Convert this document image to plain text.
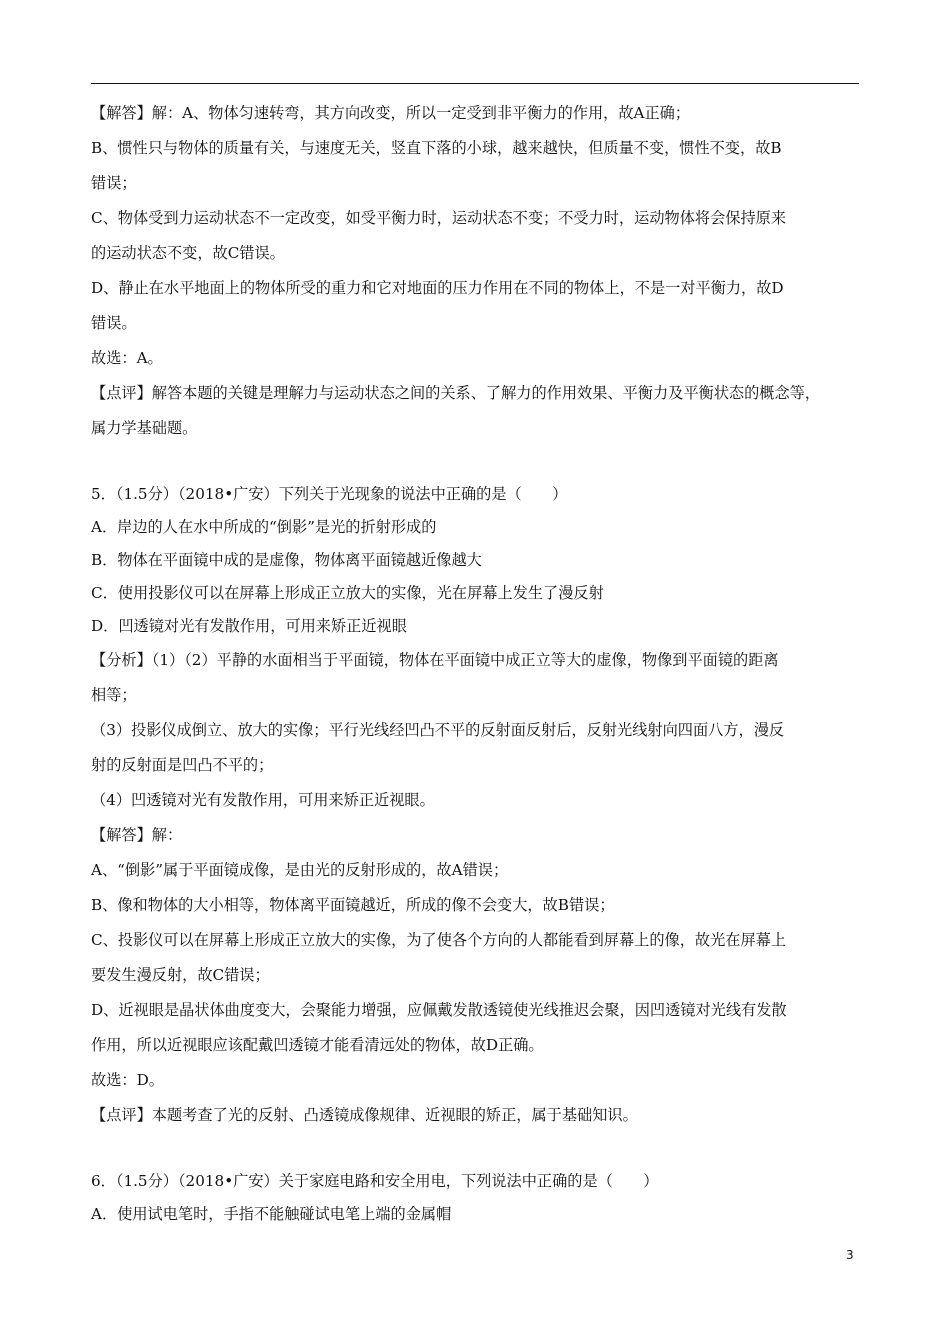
【解答】解：A、物体匀速转弯，其方向改变，所以一定受到非平衡力的作用，故A正确；
B、惯性只与物体的质量有关，与速度无关，竖直下落的小球，越来越快，但质量不变，惯性不变，故B
错误；
C、物体受到力运动状态不一定改变，如受平衡力时，运动状态不变；不受力时，运动物体将会保持原来
的运动状态不变，故C错误。
D、静止在水平地面上的物体所受的重力和它对地面的压力作用在不同的物体上，不是一对平衡力，故D
错误。
故选：A。
【点评】解答本题的关键是理解力与运动状态之间的关系、了解力的作用效果、平衡力及平衡状态的概念等，
属力学基础题。
5．（1.5分）（2018•广安）下列关于光现象的说法中正确的是（　　）
A．岸边的人在水中所成的“倒影”是光的折射形成的
B．物体在平面镜中成的是虚像，物体离平面镜越近像越大
C．使用投影仪可以在屏幕上形成正立放大的实像，光在屏幕上发生了漫反射
D．凹透镜对光有发散作用，可用来矫正近视眼
【分析】（1）（2）平静的水面相当于平面镜，物体在平面镜中成正立等大的虚像，物像到平面镜的距离
相等；
（3）投影仪成倒立、放大的实像；平行光线经凹凸不平的反射面反射后，反射光线射向四面八方，漫反
射的反射面是凹凸不平的；
（4）凹透镜对光有发散作用，可用来矫正近视眼。
【解答】解：
A、“倒影”属于平面镜成像，是由光的反射形成的，故A错误；
B、像和物体的大小相等，物体离平面镜越近，所成的像不会变大，故B错误；
C、投影仪可以在屏幕上形成正立放大的实像，为了使各个方向的人都能看到屏幕上的像，故光在屏幕上
要发生漫反射，故C错误；
D、近视眼是晶状体曲度变大，会聚能力增强，应佩戴发散透镜使光线推迟会聚，因凹透镜对光线有发散
作用，所以近视眼应该配戴凹透镜才能看清远处的物体，故D正确。
故选：D。
【点评】本题考查了光的反射、凸透镜成像规律、近视眼的矫正，属于基础知识。
6．（1.5分）（2018•广安）关于家庭电路和安全用电，下列说法中正确的是（　　）
A．使用试电笔时，手指不能触碰试电笔上端的金属帽
3
